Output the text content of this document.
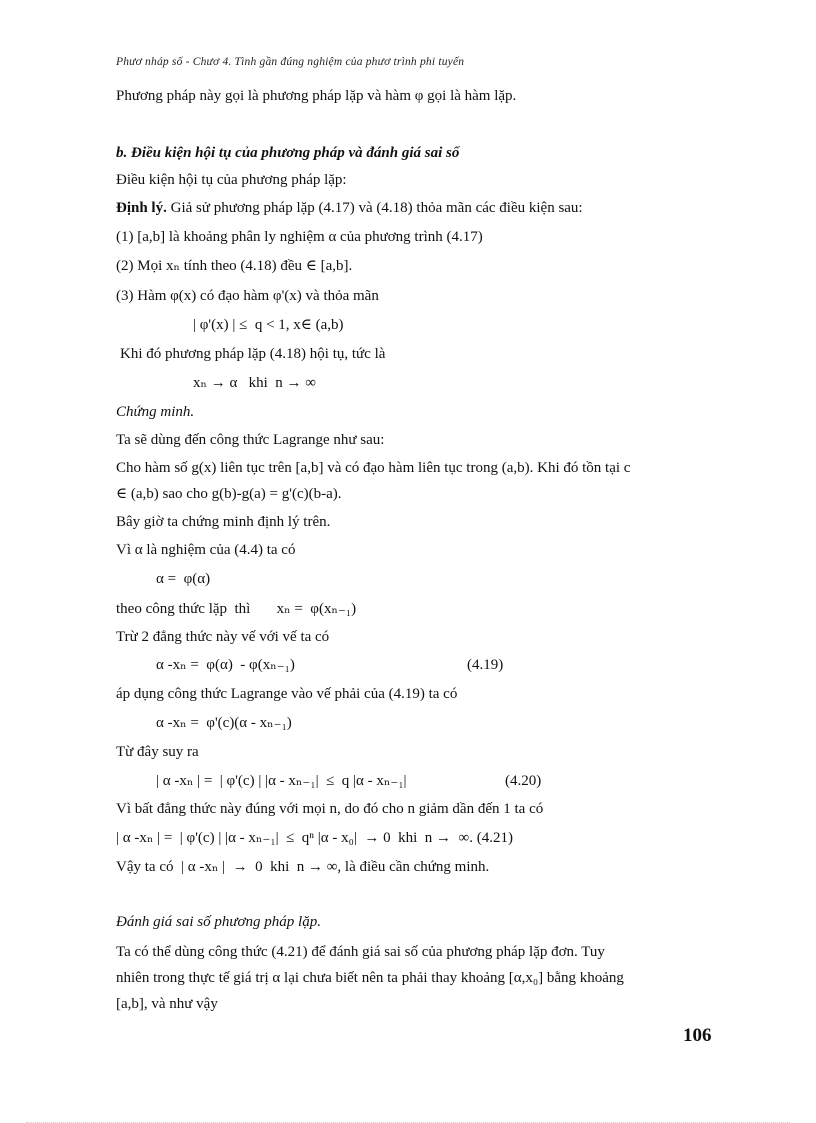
Phươ nháp số - Chươ 4. Tình gần đúng nghiệm của phươ trình phi tuyến
Phương pháp này gọi là phương pháp lặp và hàm φ gọi là hàm lặp.
b. Điều kiện hội tụ của phương pháp và đánh giá sai số
Điều kiện hội tụ của phương pháp lặp:
Định lý. Giả sử phương pháp lặp (4.17) và (4.18) thỏa mãn các điều kiện sau:
(1) [a,b] là khoảng phân ly nghiệm α của phương trình (4.17)
(2) Mọi xₙ tính theo (4.18) đều ∈ [a,b].
(3) Hàm φ(x) có đạo hàm φ'(x) và thỏa mãn
| φ'(x) | ≤  q < 1, x∈ (a,b)
Khi đó phương pháp lặp (4.18) hội tụ, tức là
xₙ → α   khi  n → ∞
Chứng minh.
Ta sẽ dùng đến công thức Lagrange như sau:
Cho hàm số g(x) liên tục trên [a,b] và có đạo hàm liên tục trong (a,b). Khi đó tồn tại c
∈ (a,b) sao cho g(b)-g(a) = g'(c)(b-a).
Bây giờ ta chứng minh định lý trên.
Vì α là nghiệm của (4.4) ta có
α =  φ(α)
theo công thức lặp  thì       xₙ =  φ(xₙ₋₁)
Trừ 2 đẳng thức này vế với vế ta có
α -xₙ =  φ(α)  - φ(xₙ₋₁)	(4.19)
áp dụng công thức Lagrange vào vế phải của (4.19) ta có
α -xₙ =  φ'(c)(α - xₙ₋₁)
Từ đây suy ra
| α -xₙ | =  | φ'(c) | |α - xₙ₋₁|  ≤  q |α - xₙ₋₁|	(4.20)
Vì bất đẳng thức này đúng với mọi n, do đó cho n giảm dần đến 1 ta có
| α -xₙ | =  | φ'(c) | |α - xₙ₋₁|  ≤  qⁿ |α - x₀|  → 0  khi  n →  ∞. (4.21)
Vậy ta có  | α -xₙ |  →  0  khi  n → ∞, là điều cần chứng minh.
Đánh giá sai số phương pháp lặp.
Ta có thể dùng công thức (4.21) để đánh giá sai số của phương pháp lặp đơn. Tuy
nhiên trong thực tế giá trị α lại chưa biết nên ta phải thay khoảng [α,x₀] bằng khoảng
[a,b], và như vậy
106
